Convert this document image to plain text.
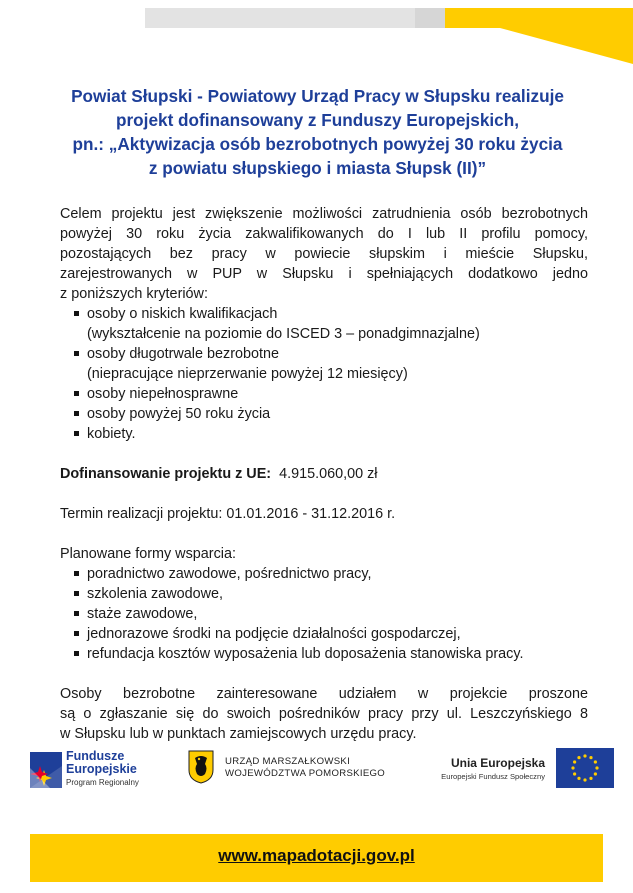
Powiat Słupski - Powiatowy Urząd Pracy w Słupsku realizuje
projekt dofinansowany z Funduszy Europejskich,
pn.: „Aktywizacja osób bezrobotnych powyżej 30 roku życia
z powiatu słupskiego i miasta Słupsk (II)”
Celem projektu jest zwiększenie możliwości zatrudnienia osób bezrobotnych
powyżej 30 roku życia zakwalifikowanych do I lub II profilu pomocy,
pozostających bez pracy w powiecie słupskim i mieście Słupsku,
zarejestrowanych w PUP w Słupsku i spełniających dodatkowo jedno
z poniższych kryteriów:
osoby o niskich kwalifikacjach
(wykształcenie na poziomie do ISCED 3 – ponadgimnazjalne)
osoby długotrwale bezrobotne
(niepracujące nieprzerwanie powyżej 12 miesięcy)
osoby niepełnosprawne
osoby powyżej 50 roku życia
kobiety.
Dofinansowanie projektu z UE: 4.915.060,00 zł
Termin realizacji projektu: 01.01.2016 - 31.12.2016 r.
Planowane formy wsparcia:
poradnictwo zawodowe, pośrednictwo pracy,
szkolenia zawodowe,
staże zawodowe,
jednorazowe środki na podjęcie działalności gospodarczej,
refundacja kosztów wyposażenia lub doposażenia stanowiska pracy.
Osoby bezrobotne zainteresowane udziałem w projekcie proszone
są o zgłaszanie się do swoich pośredników pracy przy ul. Leszczyńskiego 8
w Słupsku lub w punktach zamiejscowych urzędu pracy.
Fundusze
Europejskie
Program Regionalny
URZĄD MARSZAŁKOWSKI
WOJEWÓDZTWA POMORSKIEGO
Unia Europejska
Europejski Fundusz Społeczny
www.mapadotacji.gov.pl
